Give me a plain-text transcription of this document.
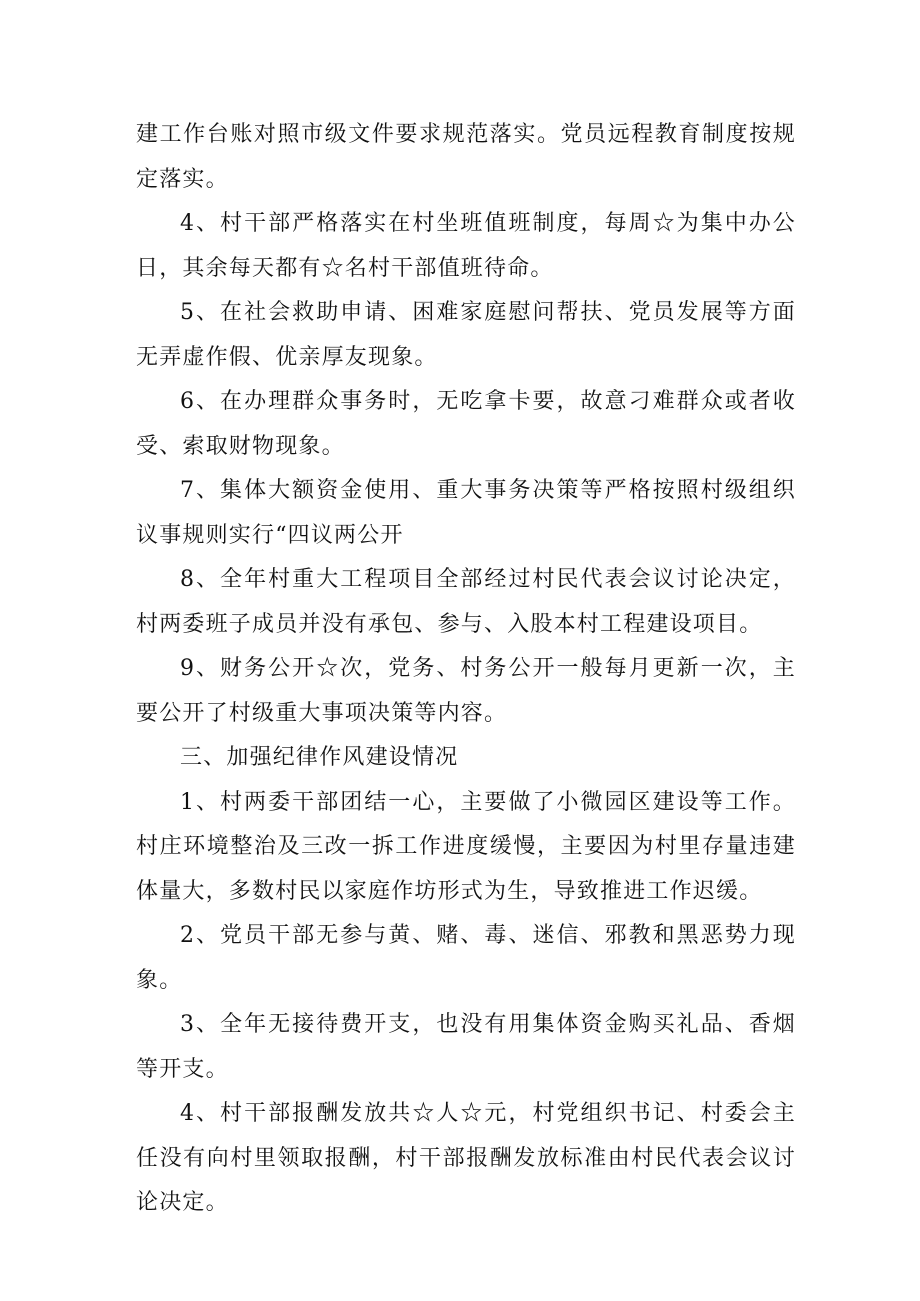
建工作台账对照市级文件要求规范落实。党员远程教育制度按规定落实。

4、村干部严格落实在村坐班值班制度，每周☆为集中办公日，其余每天都有☆名村干部值班待命。

5、在社会救助申请、困难家庭慰问帮扶、党员发展等方面无弄虚作假、优亲厚友现象。

6、在办理群众事务时，无吃拿卡要，故意刁难群众或者收受、索取财物现象。

7、集体大额资金使用、重大事务决策等严格按照村级组织议事规则实行“四议两公开

8、全年村重大工程项目全部经过村民代表会议讨论决定，村两委班子成员并没有承包、参与、入股本村工程建设项目。

9、财务公开☆次，党务、村务公开一般每月更新一次，主要公开了村级重大事项决策等内容。

三、加强纪律作风建设情况

1、村两委干部团结一心，主要做了小微园区建设等工作。村庄环境整治及三改一拆工作进度缓慢，主要因为村里存量违建体量大，多数村民以家庭作坊形式为生，导致推进工作迟缓。

2、党员干部无参与黄、赌、毒、迷信、邪教和黑恶势力现象。

3、全年无接待费开支，也没有用集体资金购买礼品、香烟等开支。

4、村干部报酬发放共☆人☆元，村党组织书记、村委会主任没有向村里领取报酬，村干部报酬发放标准由村民代表会议讨论决定。
